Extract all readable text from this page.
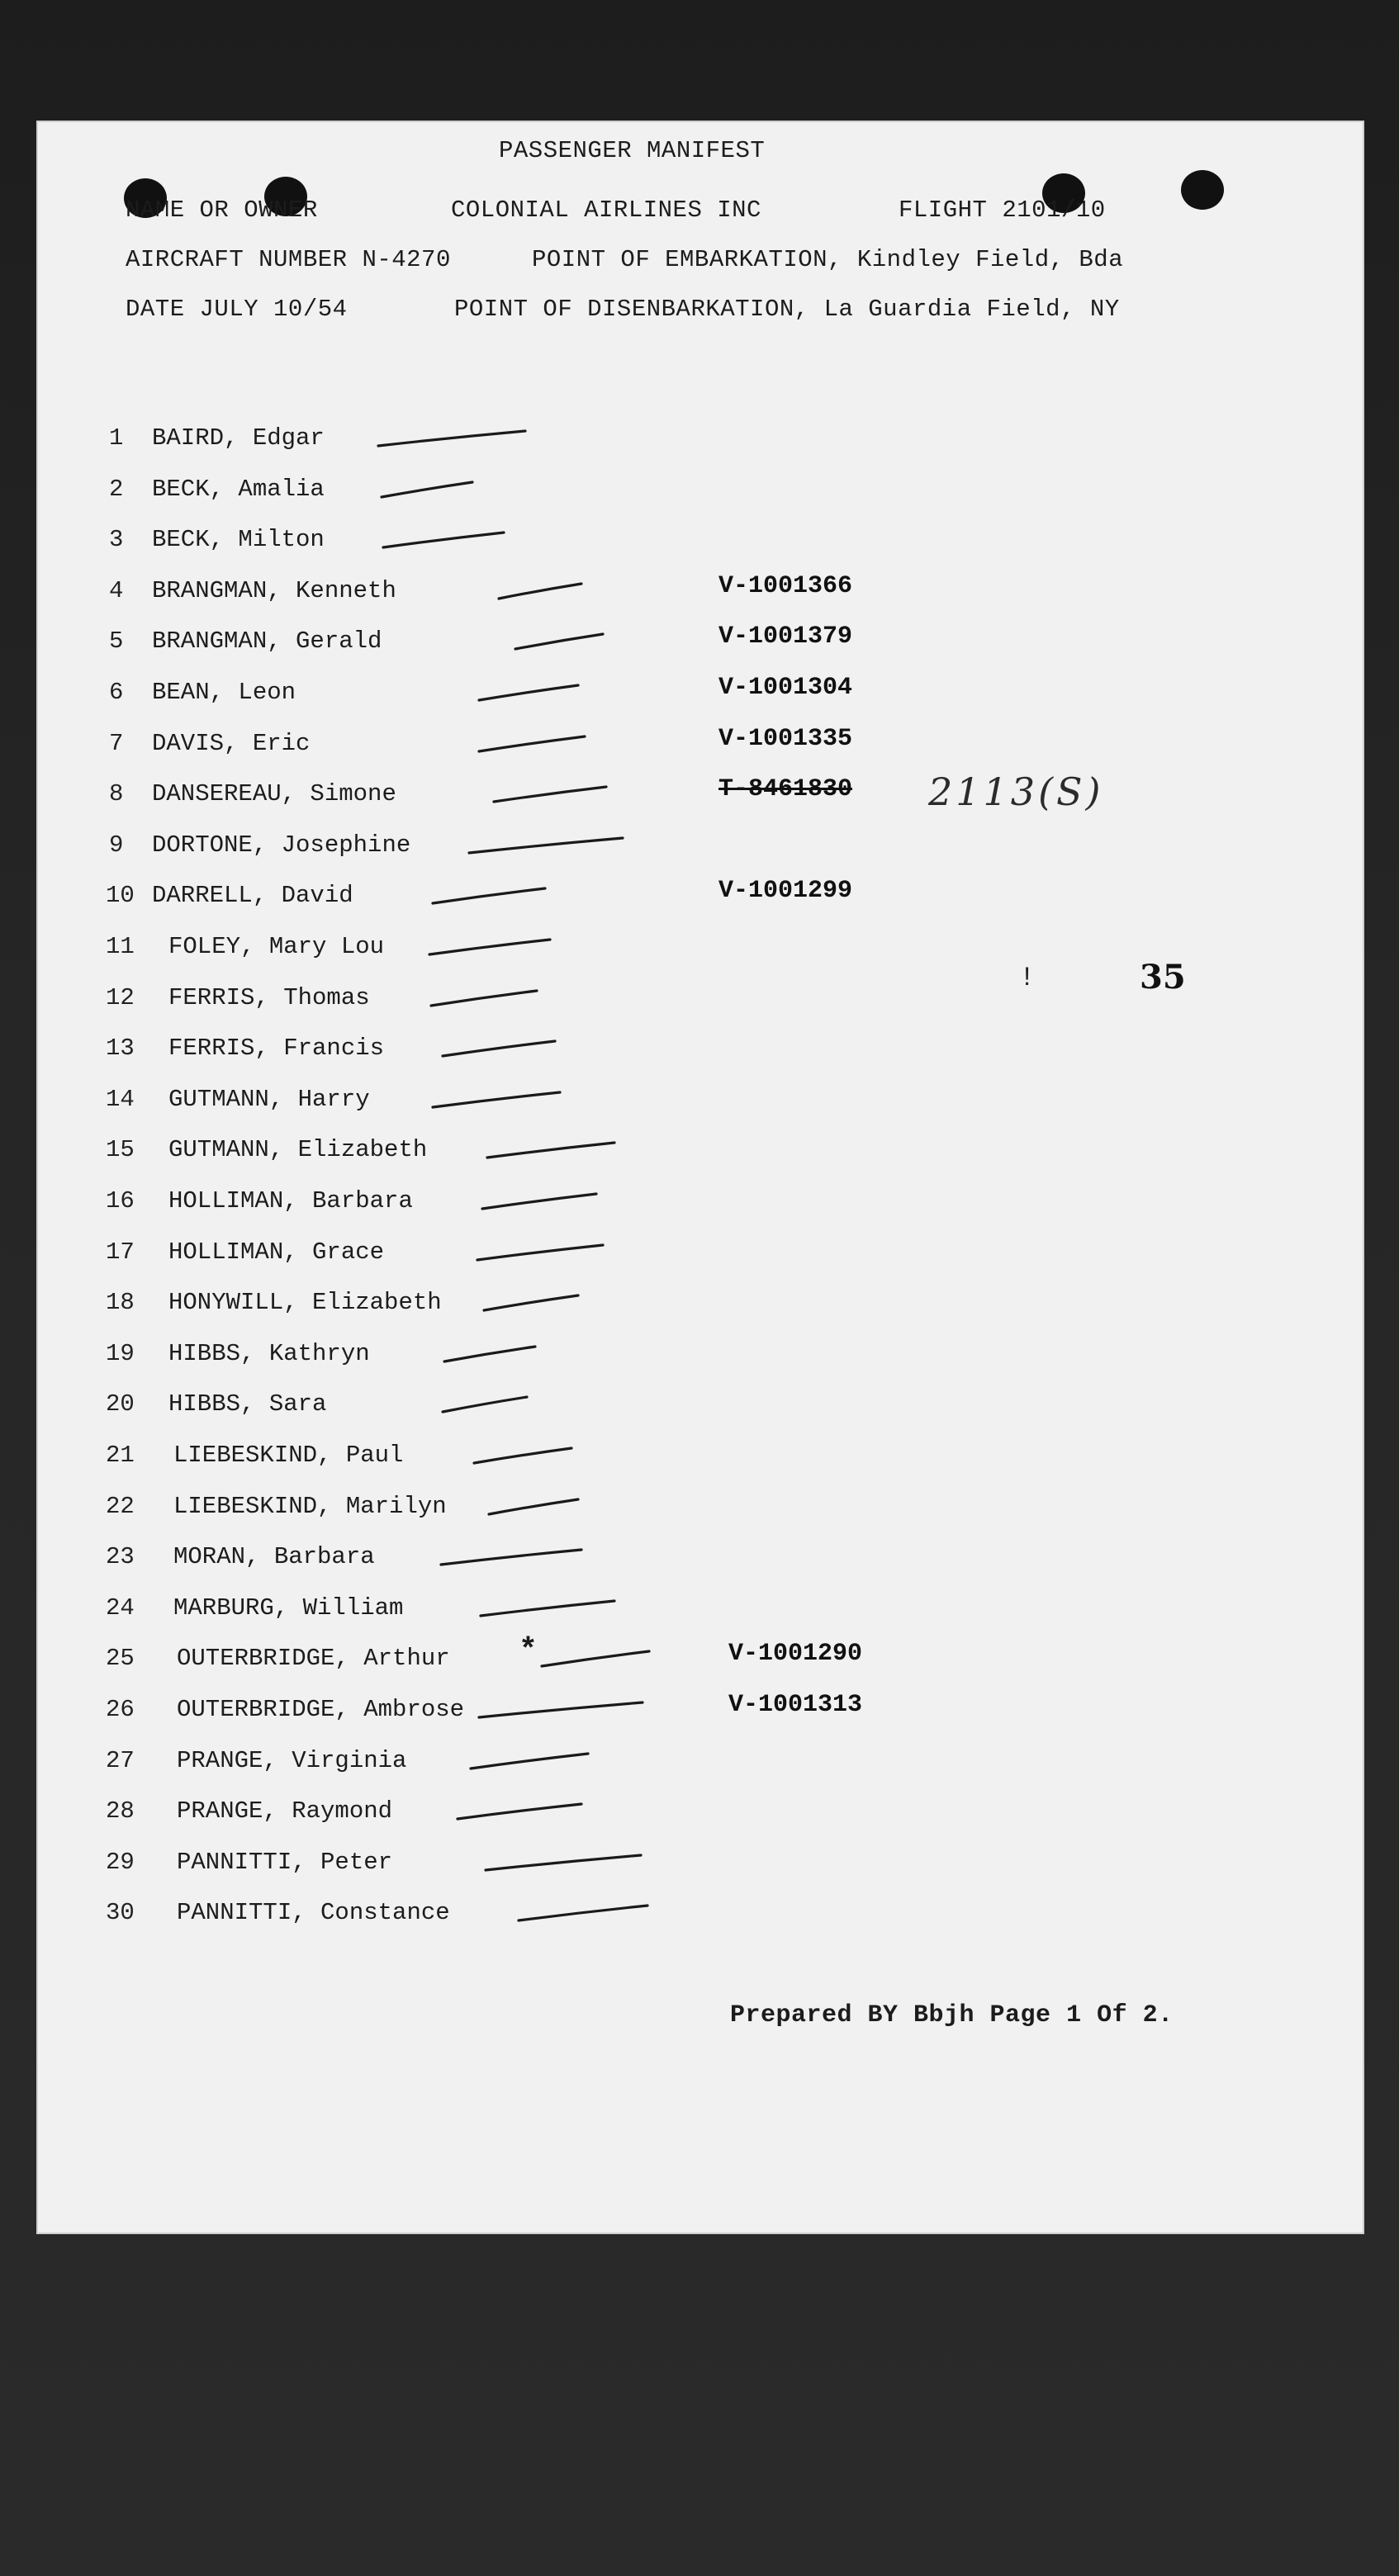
PASSENGER MANIFEST
NAME OR OWNER	COLONIAL AIRLINES INC	FLIGHT 2101/10
AIRCRAFT NUMBER N-4270	POINT OF EMBARKATION, Kindley Field, Bda
DATE JULY 10/54	POINT OF DISENBARKATION, La Guardia Field, NY
1 BAIRD, Edgar
2 BECK, Amalia
3 BECK, Milton
4 BRANGMAN, Kenneth	V-1001366
5 BRANGMAN, Gerald	V-1001379
6 BEAN, Leon	V-1001304
7 DAVIS, Eric	V-1001335
8 DANSEREAU, Simone	T-8461830
9 DORTONE, Josephine
10 DARRELL, David	V-1001299
11 FOLEY, Mary Lou
12 FERRIS, Thomas
13 FERRIS, Francis
14 GUTMANN, Harry
15 GUTMANN, Elizabeth
16 HOLLIMAN, Barbara
17 HOLLIMAN, Grace
18 HONYWILL, Elizabeth
19 HIBBS, Kathryn
20 HIBBS, Sara
21 LIEBESKIND, Paul
22 LIEBESKIND, Marilyn
23 MORAN, Barbara
24 MARBURG, William
25 OUTERBRIDGE, Arthur	V-1001290
26 OUTERBRIDGE, Ambrose	V-1001313
27 PRANGE, Virginia
28 PRANGE, Raymond
29 PANNITTI, Peter
30 PANNITTI, Constance
2113(S)
35
!
*
Prepared BY Bbjh Page 1 Of 2.
